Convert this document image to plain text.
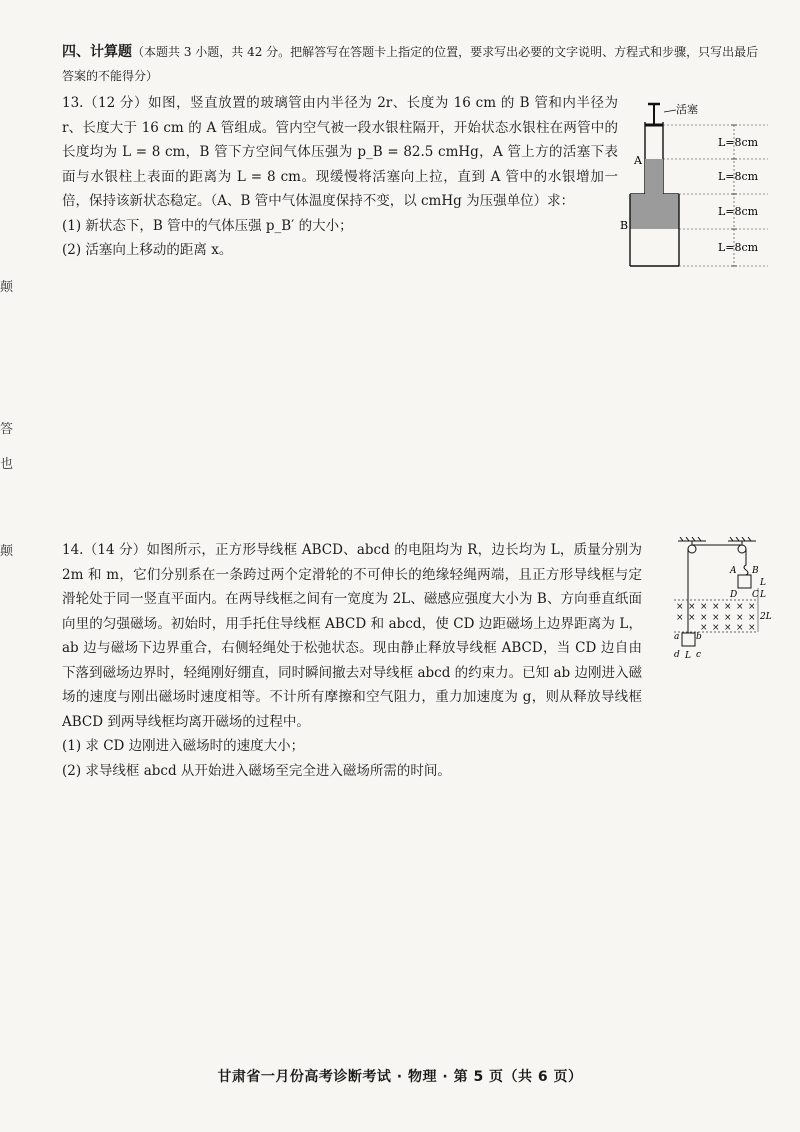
颠
答
也
颠
四、计算题（本题共 3 小题，共 42 分。把解答写在答题卡上指定的位置，要求写出必要的文字说明、方程式和步骤，只写出最后答案的不能得分）

13.（12 分）如图，竖直放置的玻璃管由内半径为 2r、长度为 16 cm 的 B 管和内半径为 r、长度大于 16 cm 的 A 管组成。管内空气被一段水银柱隔开，开始状态水银柱在两管中的长度均为 L = 8 cm，B 管下方空间气体压强为 p_B = 82.5 cmHg，A 管上方的活塞下表面与水银柱上表面的距离为 L = 8 cm。现缓慢将活塞向上拉，直到 A 管中的水银增加一倍，保持该新状态稳定。（A、B 管中气体温度保持不变，以 cmHg 为压强单位）求：

(1) 新状态下，B 管中的气体压强 p_B′ 的大小；

(2) 活塞向上移动的距离 x。

活塞
A
B
L=8cm
L=8cm
L=8cm
L=8cm

14.（14 分）如图所示，正方形导线框 ABCD、abcd 的电阻均为 R，边长均为 L，质量分别为 2m 和 m，它们分别系在一条跨过两个定滑轮的不可伸长的绝缘轻绳两端，且正方形导线框与定滑轮处于同一竖直平面内。在两导线框之间有一宽度为 2L、磁感应强度大小为 B、方向垂直纸面向里的匀强磁场。初始时，用手托住导线框 ABCD 和 abcd，使 CD 边距磁场上边界距离为 L，ab 边与磁场下边界重合，右侧轻绳处于松弛状态。现由静止释放导线框 ABCD，当 CD 边自由下落到磁场边界时，轻绳刚好绷直，同时瞬间撤去对导线框 abcd 的约束力。已知 ab 边刚进入磁场的速度与刚出磁场时速度相等。不计所有摩擦和空气阻力，重力加速度为 g，则从释放导线框 ABCD 到两导线框均离开磁场的过程中。

(1) 求 CD 边刚进入磁场时的速度大小；

(2) 求导线框 abcd 从开始进入磁场至完全进入磁场所需的时间。

A B
D C
L
L
2L
× × × × × × ×
× × × × × × ×
× × × × ×
a b
d c
L
甘肃省一月份高考诊断考试 · 物理 · 第 5 页（共 6 页）
